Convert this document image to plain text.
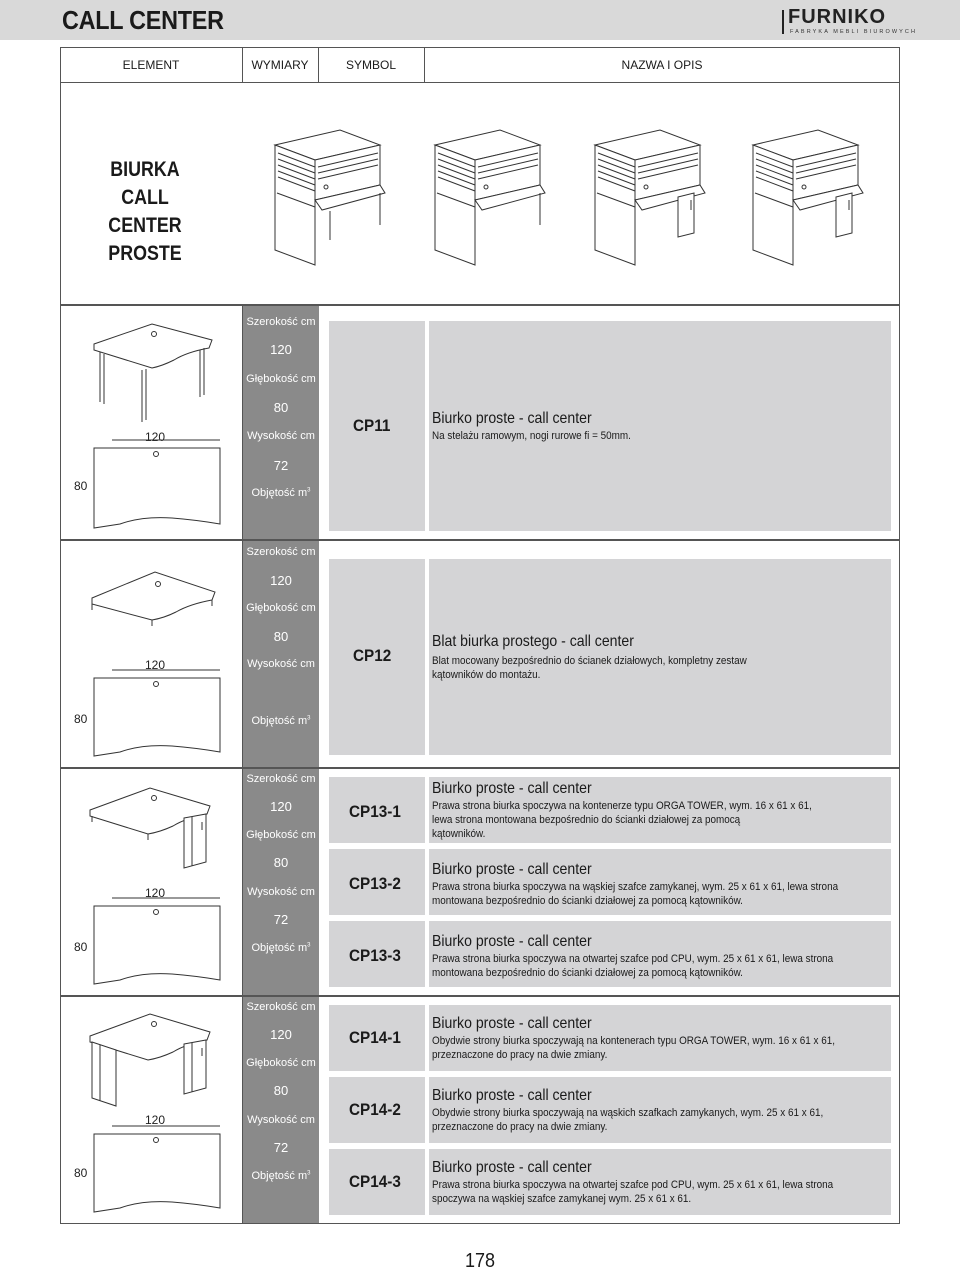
CALL CENTER	FURNIKO
FABRYKA MEBLI BIUROWYCH
ELEMENT	WYMIARY	SYMBOL	NAZWA I OPIS
BIURKA
CALL CENTER
PROSTE
Szerokość cm
120
Głębokość cm
80
Wysokość cm
72
Objętość $m^3$
CP11	Biurko proste - call center
Na stelażu ramowym, nogi rurowe fi = 50mm.
120
80
Szerokość cm
120
Głębokość cm
80
Wysokość cm
Objętość $m^3$
CP12
Blat biurka prostego - call center
Blat mocowany bezpośrednio do ścianek działowych, kompletny zestaw
kątowników do montażu.
120
80
Szerokość cm
120
Głębokość cm
80
Wysokość cm
72
Objętość $m^3$
CP13-1
Biurko proste - call center
Prawa strona biurka spoczywa na kontenerze typu ORGA TOWER, wym. 16 x 61 x 61,
lewa strona montowana bezpośrednio do ścianki działowej za pomocą
kątowników.
CP13-2
Biurko proste - call center
Prawa strona biurka spoczywa na wąskiej szafce zamykanej, wym. 25 x 61 x 61, lewa strona
montowana bezpośrednio do ścianki działowej za pomocą kątowników.
CP13-3
Biurko proste - call center
Prawa strona biurka spoczywa na otwartej szafce pod CPU, wym. 25 x 61 x 61, lewa strona
montowana bezpośrednio do ścianki działowej za pomocą kątowników.
120
80
Szerokość cm
120
Głębokość cm
80
Wysokość cm
72
Objętość $m^3$
CP14-1
Biurko proste - call center
Obydwie strony biurka spoczywają na kontenerach typu ORGA TOWER, wym. 16 x 61 x 61,
przeznaczone do pracy na dwie zmiany.
CP14-2
Biurko proste - call center
Obydwie strony biurka spoczywają na wąskich szafkach zamykanych, wym. 25 x 61 x 61,
przeznaczone do pracy na dwie zmiany.
CP14-3
Biurko proste - call center
Prawa strona biurka spoczywa na otwartej szafce pod CPU, wym. 25 x 61 x 61, lewa strona
spoczywa na wąskiej szafce zamykanej wym. 25 x 61 x 61.
120
80
178
